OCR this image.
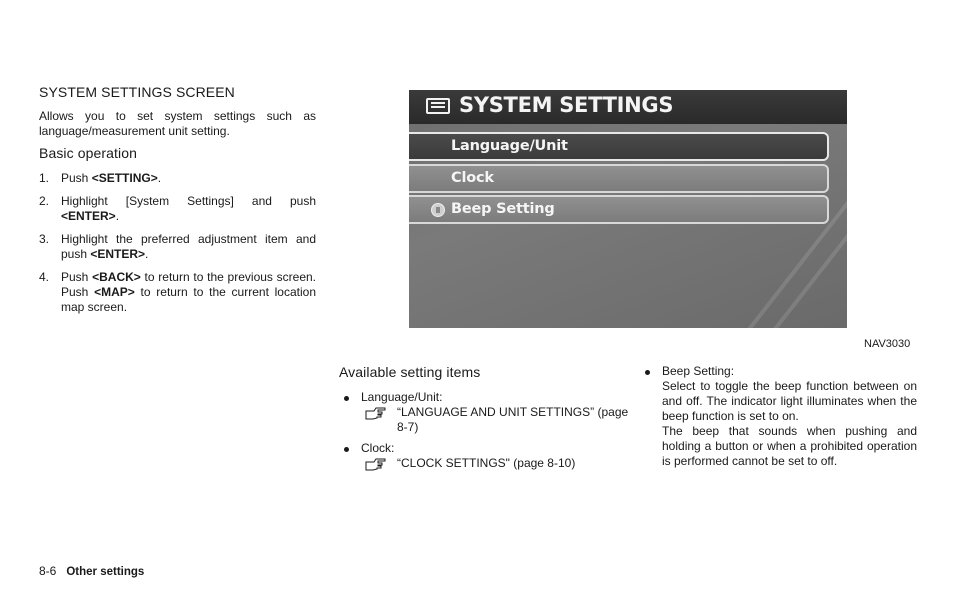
SYSTEM SETTINGS SCREEN
Allows you to set system settings such as language/measurement unit setting.
Basic operation
1. Push <SETTING>.
2. Highlight [System Settings] and push <ENTER>.
3. Highlight the preferred adjustment item and push <ENTER>.
4. Push <BACK> to return to the previous screen. Push <MAP> to return to the current location map screen.
SYSTEM SETTINGS
Language/Unit
Clock
Beep Setting
NAV3030
Available setting items
Language/Unit:
“LANGUAGE AND UNIT SETTINGS” (page 8-7)
Clock:
“CLOCK SETTINGS" (page 8-10)
Beep Setting:
Select to toggle the beep function between on and off. The indicator light illuminates when the beep function is set to on.
The beep that sounds when pushing and holding a button or when a prohibited operation is performed cannot be set to off.
8-6 Other settings
